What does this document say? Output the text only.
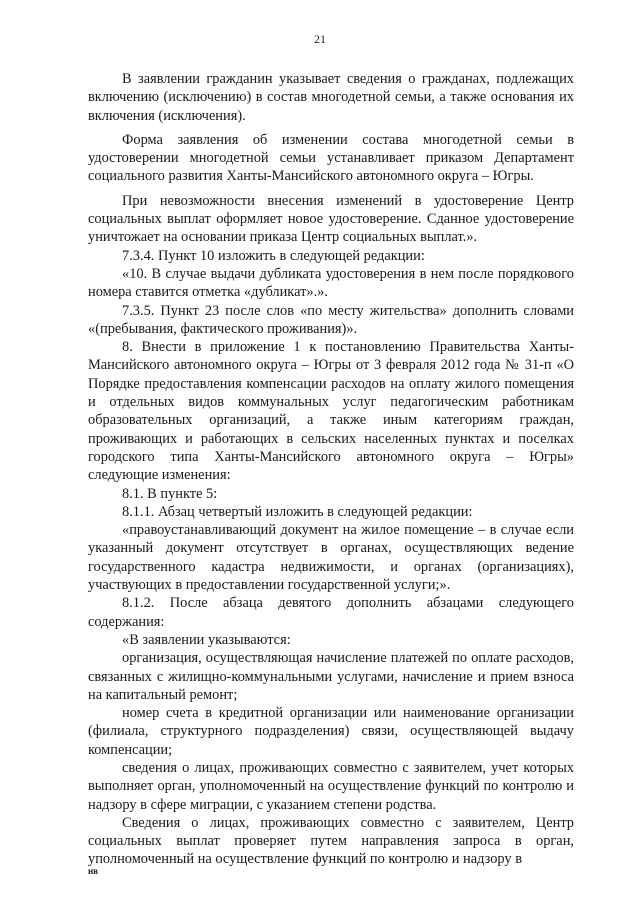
21

В заявлении гражданин указывает сведения о гражданах, подлежащих включению (исключению) в состав многодетной семьи, а также основания их включения (исключения).

Форма заявления об изменении состава многодетной семьи в удостоверении многодетной семьи устанавливает приказом Департамент социального развития Ханты-Мансийского автономного округа – Югры.

При невозможности внесения изменений в удостоверение Центр социальных выплат оформляет новое удостоверение. Сданное удостоверение уничтожает на основании приказа Центр социальных выплат.».

7.3.4. Пункт 10 изложить в следующей редакции:

«10. В случае выдачи дубликата удостоверения в нем после порядкового номера ставится отметка «дубликат».».

7.3.5. Пункт 23 после слов «по месту жительства» дополнить словами «(пребывания, фактического проживания)».

8. Внести в приложение 1 к постановлению Правительства Ханты-Мансийского автономного округа – Югры от 3 февраля 2012 года № 31-п «О Порядке предоставления компенсации расходов на оплату жилого помещения и отдельных видов коммунальных услуг педагогическим работникам образовательных организаций, а также иным категориям граждан, проживающих и работающих в сельских населенных пунктах и поселках городского типа Ханты-Мансийского автономного округа – Югры» следующие изменения:

8.1. В пункте 5:

8.1.1. Абзац четвертый изложить в следующей редакции:

«правоустанавливающий документ на жилое помещение – в случае если указанный документ отсутствует в органах, осуществляющих ведение государственного кадастра недвижимости, и органах (организациях), участвующих в предоставлении государственной услуги;».

8.1.2. После абзаца девятого дополнить абзацами следующего содержания:

«В заявлении указываются:

организация, осуществляющая начисление платежей по оплате расходов, связанных с жилищно-коммунальными услугами, начисление и прием взноса на капитальный ремонт;

номер счета в кредитной организации или наименование организации (филиала, структурного подразделения) связи, осуществляющей выдачу компенсации;

сведения о лицах, проживающих совместно с заявителем, учет которых выполняет орган, уполномоченный на осуществление функций по контролю и надзору в сфере миграции, с указанием степени родства.

Сведения о лицах, проживающих совместно с заявителем, Центр социальных выплат проверяет путем направления запроса в орган, уполномоченный на осуществление функций по контролю и надзору в

нв
